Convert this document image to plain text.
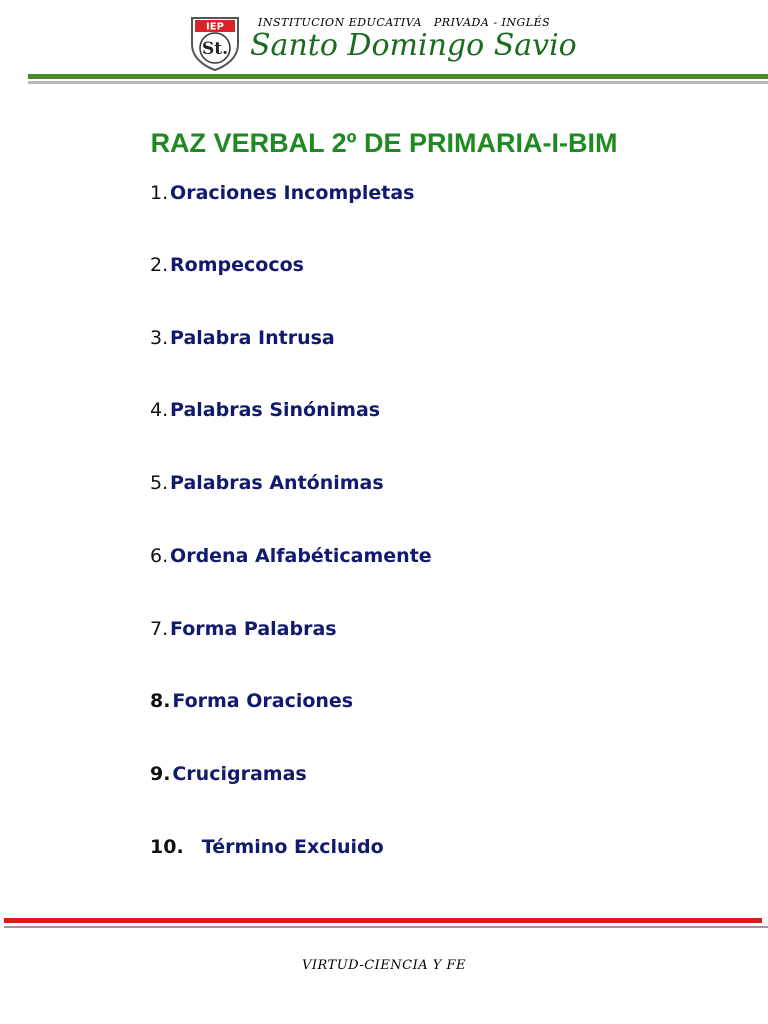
IEP
St.
INSTITUCION EDUCATIVA   PRIVADA - INGLÉS
Santo Domingo Savio
RAZ VERBAL 2º DE PRIMARIA-I-BIM
1.  Oraciones Incompletas
2.  Rompecocos
3.  Palabra Intrusa
4.  Palabras Sinónimas
5.  Palabras Antónimas
6.  Ordena Alfabéticamente
7.  Forma Palabras
8.  Forma Oraciones
9.  Crucigramas
10. Término Excluido
VIRTUD-CIENCIA Y FE
